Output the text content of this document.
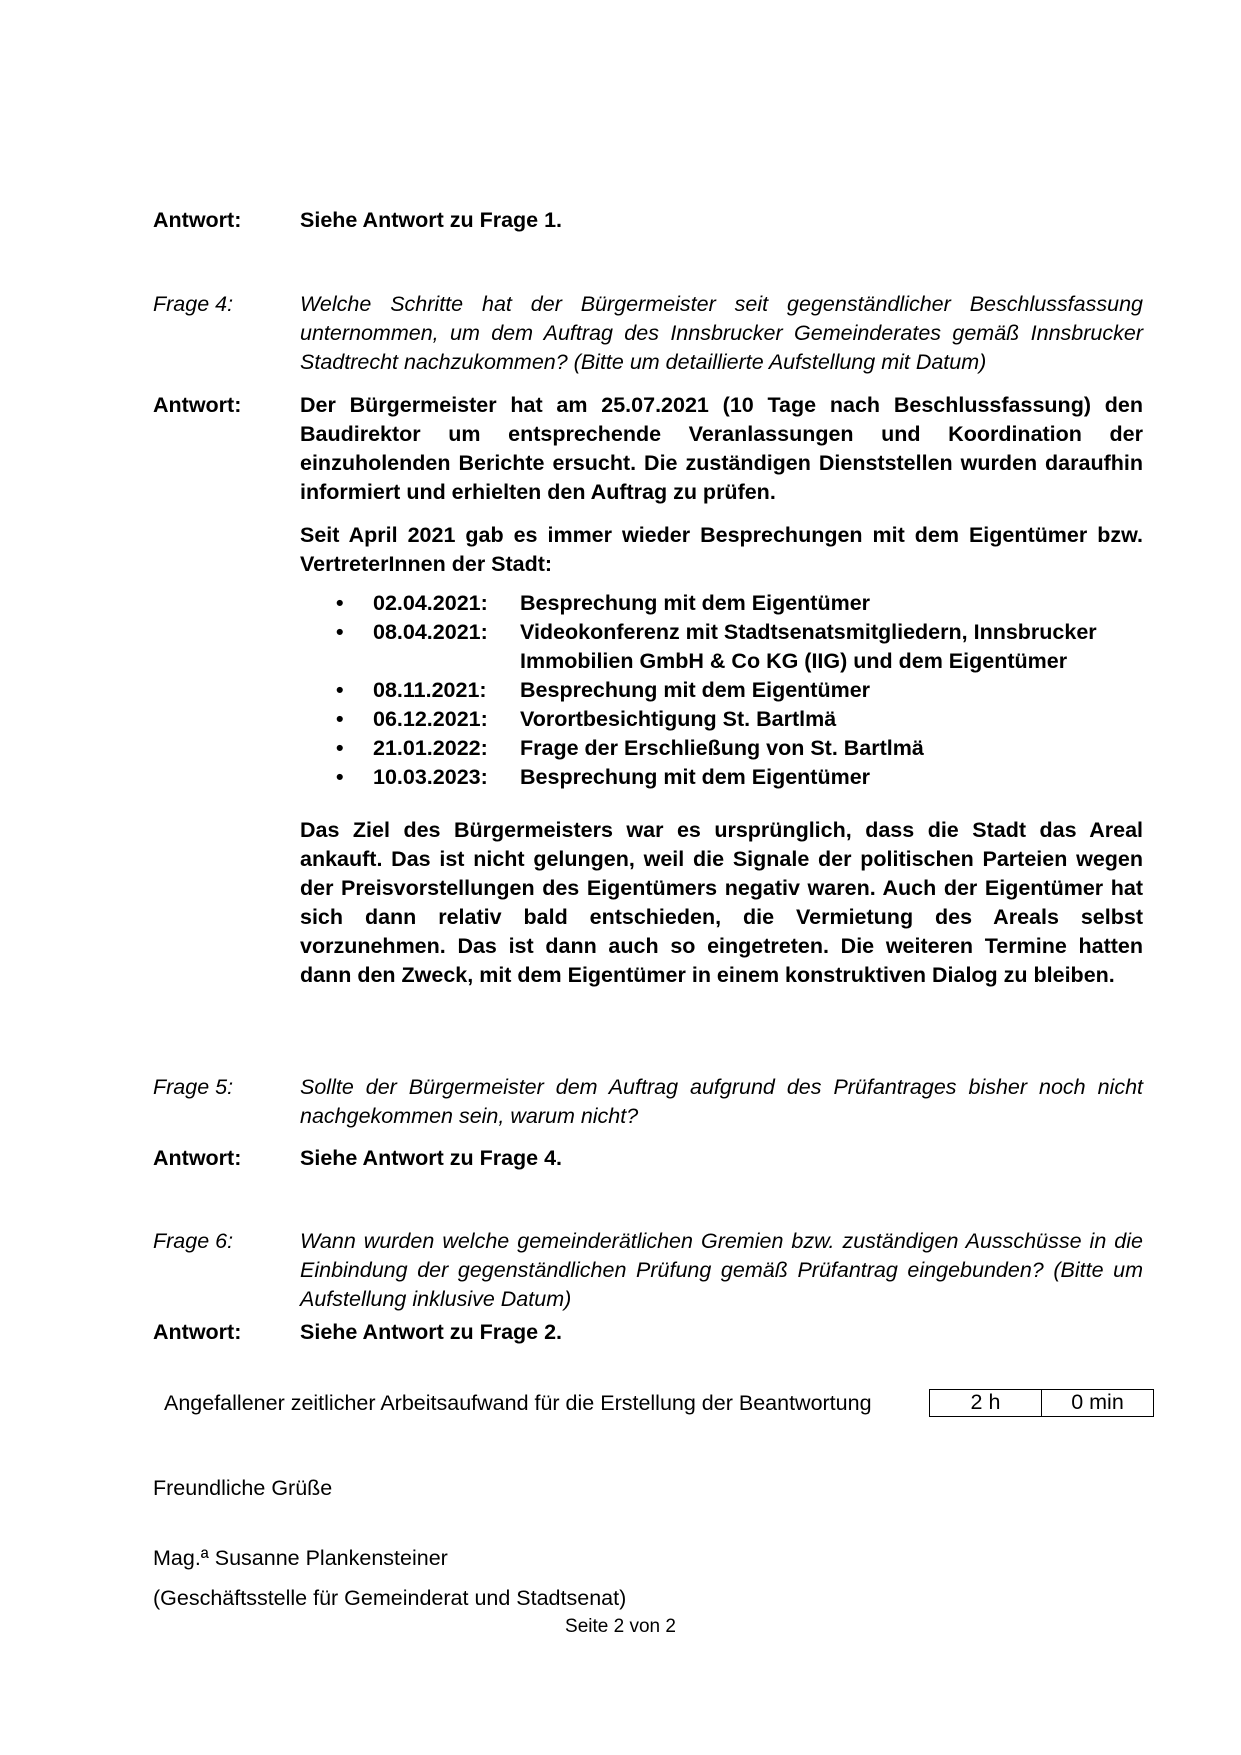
Antwort:	Siehe Antwort zu Frage 1.
Frage 4:	Welche Schritte hat der Bürgermeister seit gegenständlicher Beschlussfassung unternommen, um dem Auftrag des Innsbrucker Gemeinderates gemäß Innsbrucker Stadtrecht nachzukommen? (Bitte um detaillierte Aufstellung mit Datum)
Antwort:	Der Bürgermeister hat am 25.07.2021 (10 Tage nach Beschlussfassung) den Baudirektor um entsprechende Veranlassungen und Koordination der einzuholenden Berichte ersucht. Die zuständigen Dienststellen wurden daraufhin informiert und erhielten den Auftrag zu prüfen.
Seit April 2021 gab es immer wieder Besprechungen mit dem Eigentümer bzw. VertreterInnen der Stadt:
•	02.04.2021:	Besprechung mit dem Eigentümer
•	08.04.2021:	Videokonferenz mit Stadtsenatsmitgliedern, Innsbrucker Immobilien GmbH & Co KG (IIG) und dem Eigentümer
•	08.11.2021:	Besprechung mit dem Eigentümer
•	06.12.2021:	Vorortbesichtigung St. Bartlmä
•	21.01.2022:	Frage der Erschließung von St. Bartlmä
•	10.03.2023:	Besprechung mit dem Eigentümer
Das Ziel des Bürgermeisters war es ursprünglich, dass die Stadt das Areal ankauft. Das ist nicht gelungen, weil die Signale der politischen Parteien wegen der Preisvorstellungen des Eigentümers negativ waren. Auch der Eigentümer hat sich dann relativ bald entschieden, die Vermietung des Areals selbst vorzunehmen. Das ist dann auch so eingetreten. Die weiteren Termine hatten dann den Zweck, mit dem Eigentümer in einem konstruktiven Dialog zu bleiben.
Frage 5:	Sollte der Bürgermeister dem Auftrag aufgrund des Prüfantrages bisher noch nicht nachgekommen sein, warum nicht?
Antwort:	Siehe Antwort zu Frage 4.
Frage 6:	Wann wurden welche gemeinderätlichen Gremien bzw. zuständigen Ausschüsse in die Einbindung der gegenständlichen Prüfung gemäß Prüfantrag eingebunden? (Bitte um Aufstellung inklusive Datum)
Antwort:	Siehe Antwort zu Frage 2.
Angefallener zeitlicher Arbeitsaufwand für die Erstellung der Beantwortung	2 h	0 min
Freundliche Grüße
Mag.ª Susanne Plankensteiner
(Geschäftsstelle für Gemeinderat und Stadtsenat)
Seite 2 von 2
